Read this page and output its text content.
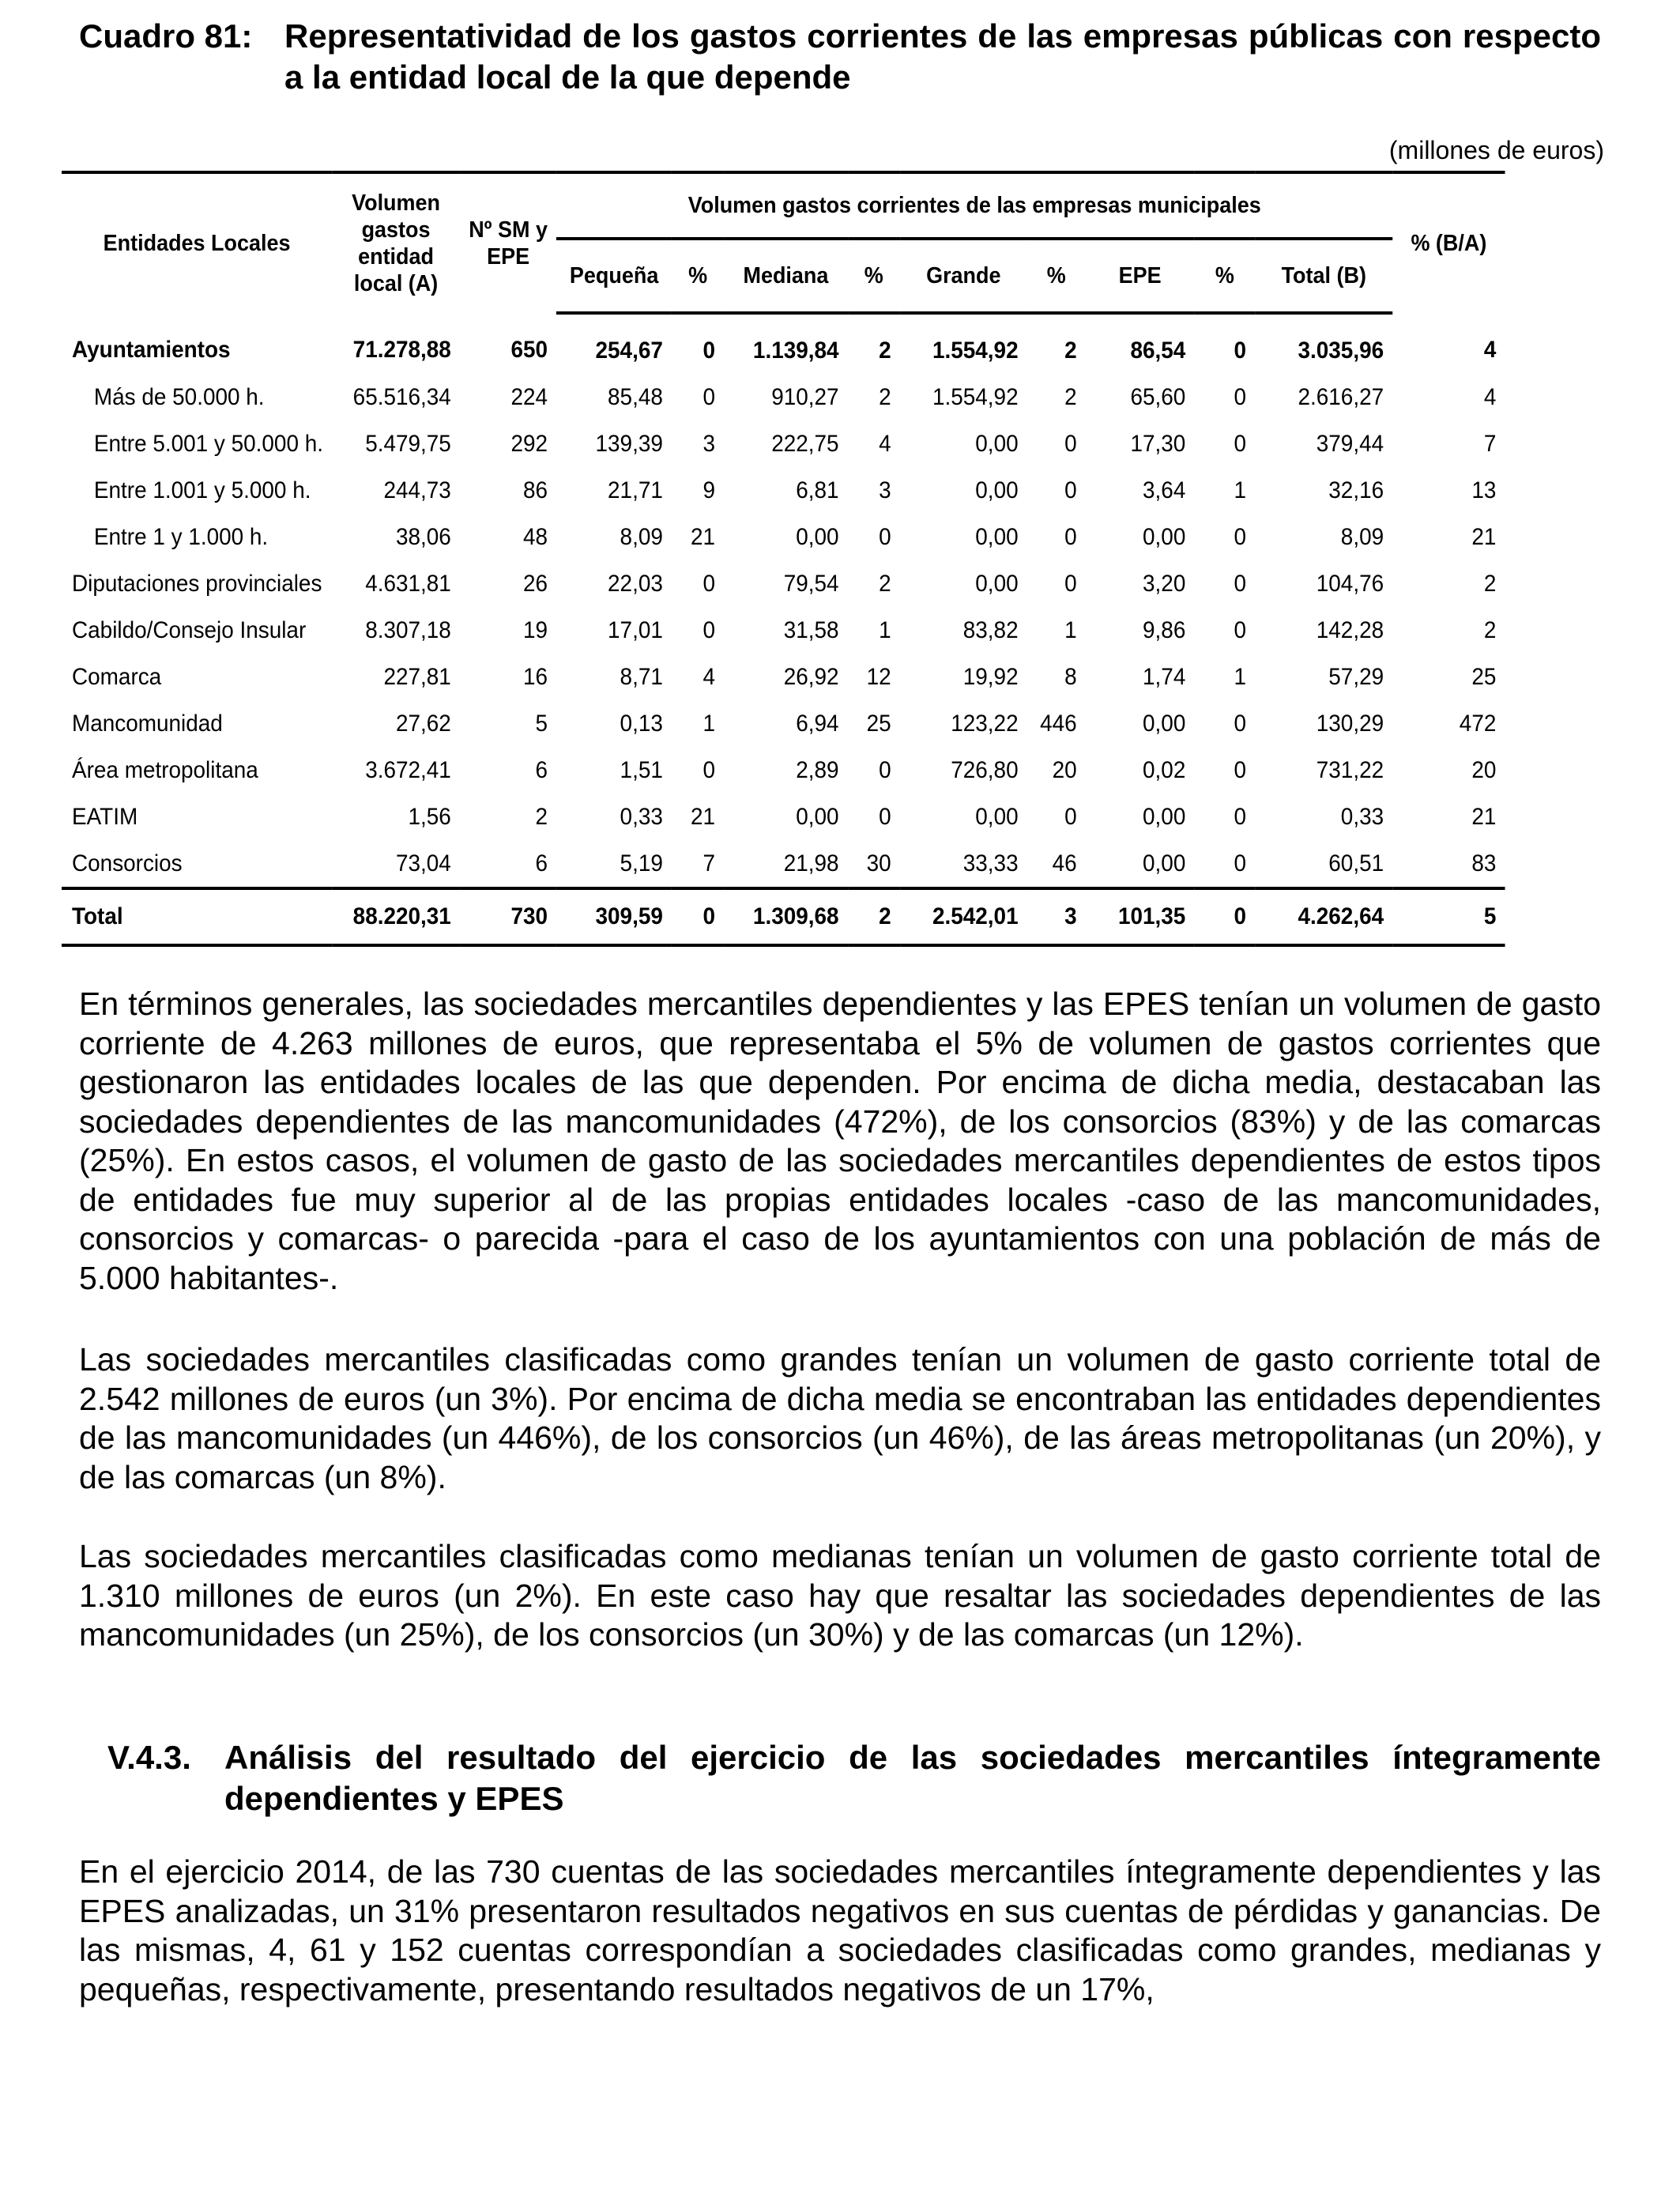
Cuadro 81: Representatividad de los gastos corrientes de las empresas públicas con respecto a la entidad local de la que depende
(millones de euros)
Entidades Locales	Volumen gastos entidad local (A)	Nº SM y EPE	Volumen gastos corrientes de las empresas municipales									% (B/A)
			Pequeña	%	Mediana	%	Grande	%	EPE	%	Total (B)	
Ayuntamientos	71.278,88	650	254,67	0	1.139,84	2	1.554,92	2	86,54	0	3.035,96	4
Más de 50.000 h.	65.516,34	224	85,48	0	910,27	2	1.554,92	2	65,60	0	2.616,27	4
Entre 5.001 y 50.000 h.	5.479,75	292	139,39	3	222,75	4	0,00	0	17,30	0	379,44	7
Entre 1.001 y 5.000 h.	244,73	86	21,71	9	6,81	3	0,00	0	3,64	1	32,16	13
Entre 1 y 1.000 h.	38,06	48	8,09	21	0,00	0	0,00	0	0,00	0	8,09	21
Diputaciones provinciales	4.631,81	26	22,03	0	79,54	2	0,00	0	3,20	0	104,76	2
Cabildo/Consejo Insular	8.307,18	19	17,01	0	31,58	1	83,82	1	9,86	0	142,28	2
Comarca	227,81	16	8,71	4	26,92	12	19,92	8	1,74	1	57,29	25
Mancomunidad	27,62	5	0,13	1	6,94	25	123,22	446	0,00	0	130,29	472
Área metropolitana	3.672,41	6	1,51	0	2,89	0	726,80	20	0,02	0	731,22	20
EATIM	1,56	2	0,33	21	0,00	0	0,00	0	0,00	0	0,33	21
Consorcios	73,04	6	5,19	7	21,98	30	33,33	46	0,00	0	60,51	83
Total	88.220,31	730	309,59	0	1.309,68	2	2.542,01	3	101,35	0	4.262,64	5

En términos generales, las sociedades mercantiles dependientes y las EPES tenían un volumen de gasto corriente de 4.263 millones de euros, que representaba el 5% de volumen de gastos corrientes que gestionaron las entidades locales de las que dependen. Por encima de dicha media, destacaban las sociedades dependientes de las mancomunidades (472%), de los consorcios (83%) y de las comarcas (25%). En estos casos, el volumen de gasto de las sociedades mercantiles dependientes de estos tipos de entidades fue muy superior al de las propias entidades locales -caso de las mancomunidades, consorcios y comarcas- o parecida -para el caso de los ayuntamientos con una población de más de 5.000 habitantes-.

Las sociedades mercantiles clasificadas como grandes tenían un volumen de gasto corriente total de 2.542 millones de euros (un 3%). Por encima de dicha media se encontraban las entidades dependientes de las mancomunidades (un 446%), de los consorcios (un 46%), de las áreas metropolitanas (un 20%), y de las comarcas (un 8%).

Las sociedades mercantiles clasificadas como medianas tenían un volumen de gasto corriente total de 1.310 millones de euros (un 2%). En este caso hay que resaltar las sociedades dependientes de las mancomunidades (un 25%), de los consorcios (un 30%) y de las comarcas (un 12%).

V.4.3. Análisis del resultado del ejercicio de las sociedades mercantiles íntegramente dependientes y EPES

En el ejercicio 2014, de las 730 cuentas de las sociedades mercantiles íntegramente dependientes y las EPES analizadas, un 31% presentaron resultados negativos en sus cuentas de pérdidas y ganancias. De las mismas, 4, 61 y 152 cuentas correspondían a sociedades clasificadas como grandes, medianas y pequeñas, respectivamente, presentando resultados negativos de un 17%,
